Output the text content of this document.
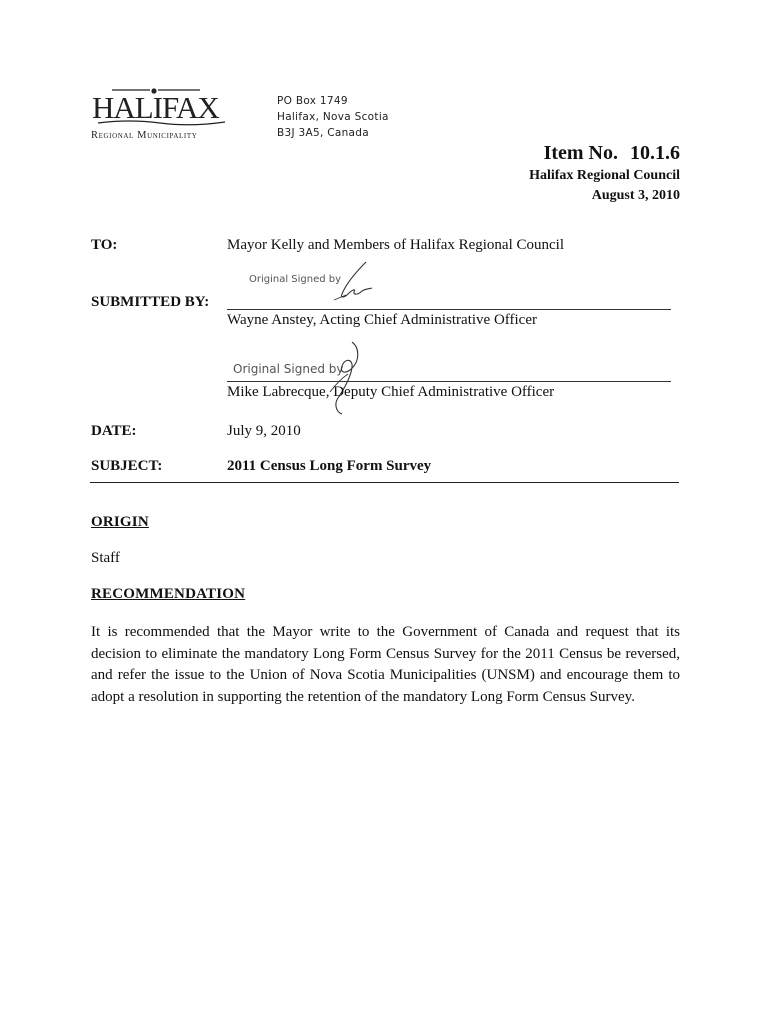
HALIFAX
Regional Municipality
PO Box 1749
Halifax, Nova Scotia
B3J 3A5, Canada
Item No. 10.1.6
Halifax Regional Council
August 3, 2010
TO:	Mayor Kelly and Members of Halifax Regional Council
Original Signed by
SUBMITTED BY:
Wayne Anstey, Acting Chief Administrative Officer
Original Signed by
Mike Labrecque, Deputy Chief Administrative Officer
DATE:	July 9, 2010
SUBJECT:	2011 Census Long Form Survey
ORIGIN
Staff
RECOMMENDATION
It is recommended that the Mayor write to the Government of Canada and request that its decision to eliminate the mandatory Long Form Census Survey for the 2011 Census be reversed, and refer the issue to the Union of Nova Scotia Municipalities (UNSM) and encourage them to adopt a resolution in supporting the retention of the mandatory Long Form Census Survey.
